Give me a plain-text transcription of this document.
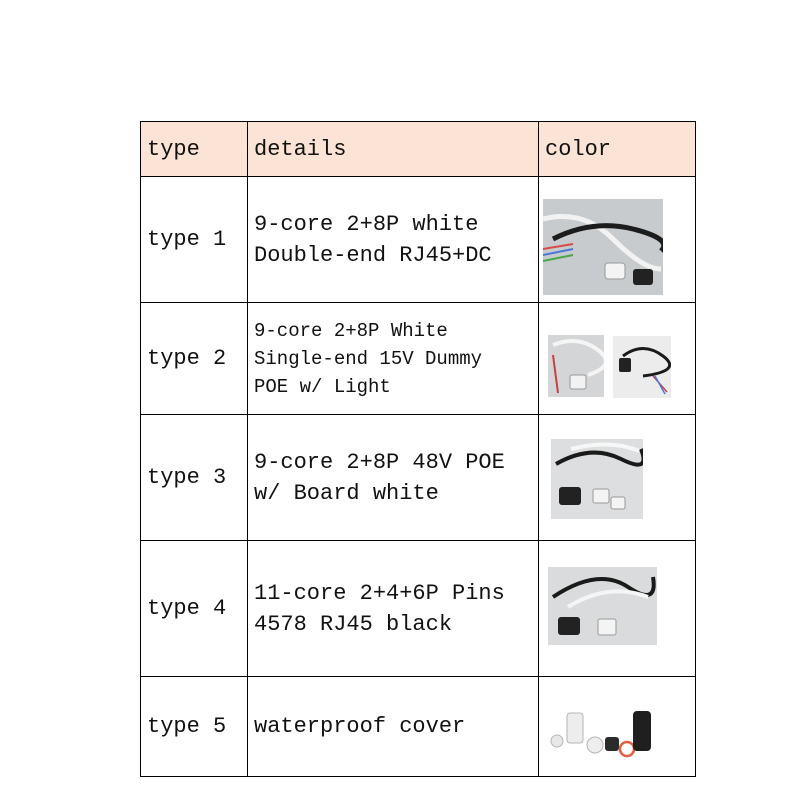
type	details	color
type 1	9-core 2+8P white
Double-end RJ45+DC

type 2	9-core 2+8P White
Single-end 15V Dummy
POE w/ Light

type 3	9-core 2+8P 48V POE
w/ Board white

type 4	11-core 2+4+6P Pins
4578 RJ45 black

type 5	waterproof cover
